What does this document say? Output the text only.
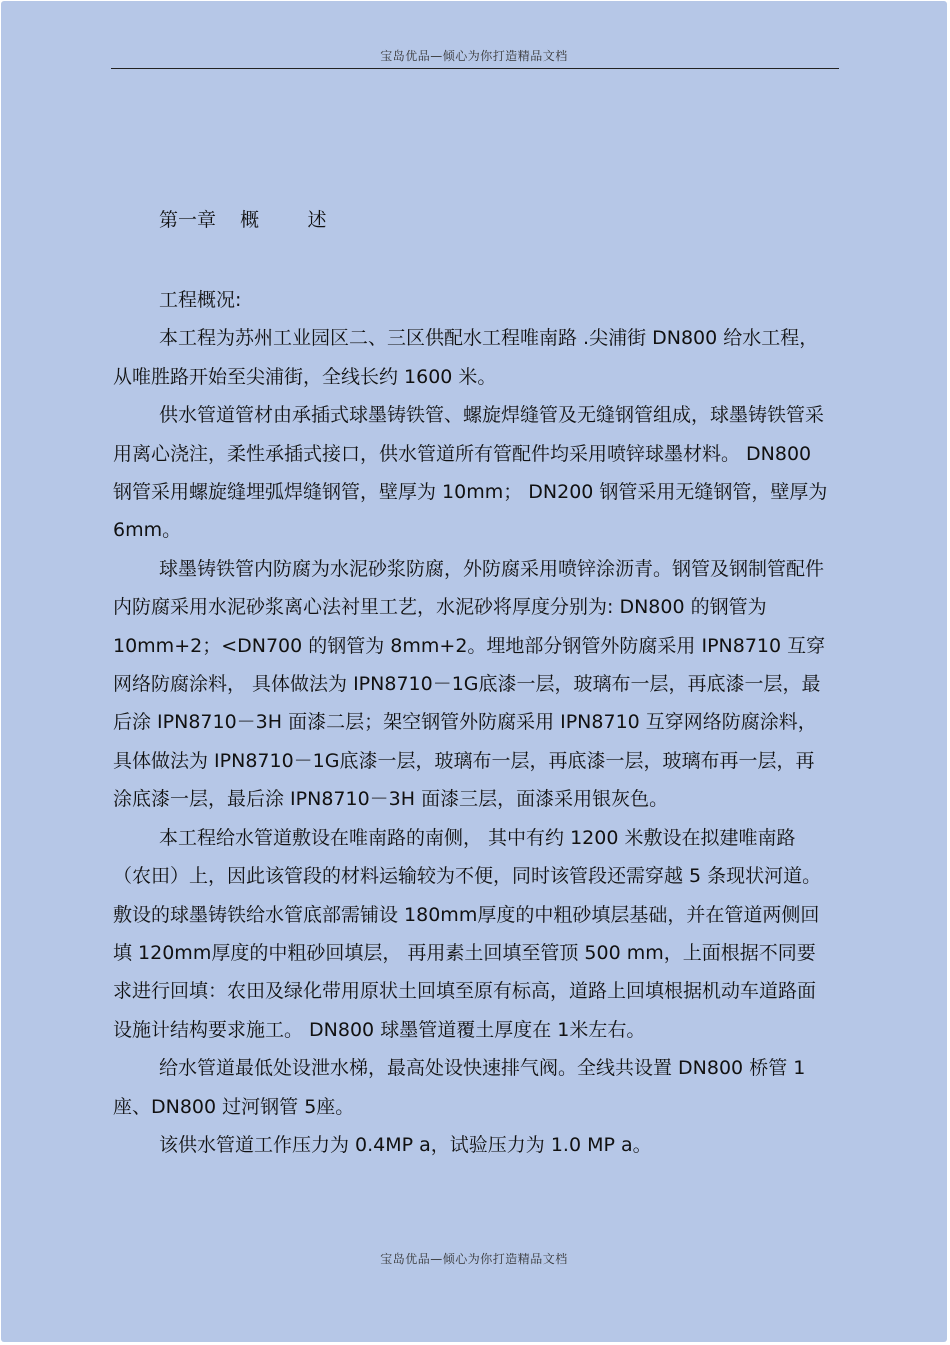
宝岛优品—倾心为你打造精品文档
第一章    概        述

工程概况:

本工程为苏州工业园区二、三区供配水工程唯南路 .尖浦街 DN800 给水工程，从唯胜路开始至尖浦街，全线长约 1600 米。

供水管道管材由承插式球墨铸铁管、螺旋焊缝管及无缝钢管组成，球墨铸铁管采用离心浇注，柔性承插式接口，供水管道所有管配件均采用喷锌球墨材料。 DN800 钢管采用螺旋缝埋弧焊缝钢管，壁厚为 10mm； DN200 钢管采用无缝钢管，壁厚为 6mm。

球墨铸铁管内防腐为水泥砂浆防腐，外防腐采用喷锌涂沥青。钢管及钢制管配件内防腐采用水泥砂浆离心法衬里工艺，水泥砂将厚度分别为: DN800 的钢管为 10mm+2；<DN700 的钢管为 8mm+2。埋地部分钢管外防腐采用 IPN8710 互穿网络防腐涂料， 具体做法为 IPN8710－1G底漆一层，玻璃布一层，再底漆一层，最后涂 IPN8710－3H 面漆二层；架空钢管外防腐采用 IPN8710 互穿网络防腐涂料， 具体做法为 IPN8710－1G底漆一层，玻璃布一层，再底漆一层，玻璃布再一层，再涂底漆一层，最后涂 IPN8710－3H 面漆三层，面漆采用银灰色。

本工程给水管道敷设在唯南路的南侧， 其中有约 1200 米敷设在拟建唯南路（农田）上，因此该管段的材料运输较为不便，同时该管段还需穿越 5 条现状河道。敷设的球墨铸铁给水管底部需铺设 180mm厚度的中粗砂填层基础，并在管道两侧回填 120mm厚度的中粗砂回填层， 再用素土回填至管顶 500 mm，上面根据不同要求进行回填：农田及绿化带用原状土回填至原有标高，道路上回填根据机动车道路面设施计结构要求施工。 DN800 球墨管道覆土厚度在 1米左右。

给水管道最低处设泄水梯，最高处设快速排气阀。全线共设置 DN800 桥管 1座、DN800 过河钢管 5座。

该供水管道工作压力为 0.4MP a，试验压力为 1.0 MP a。

宝岛优品—倾心为你打造精品文档
